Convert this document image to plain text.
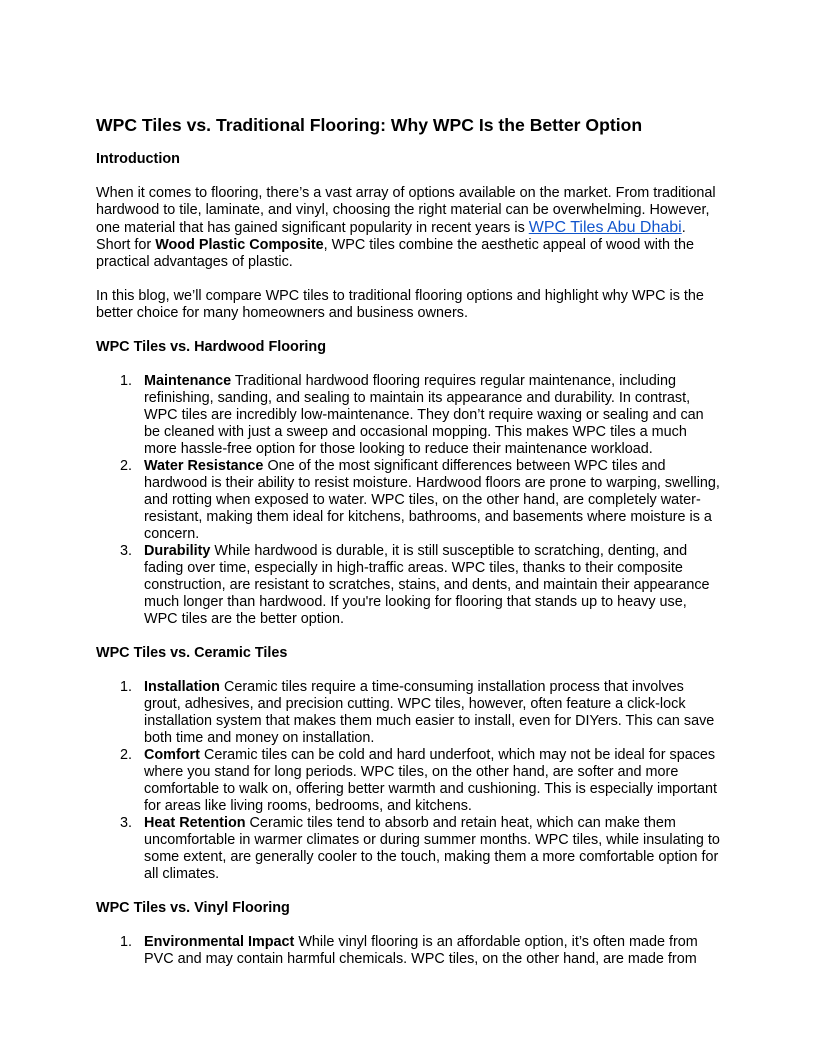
WPC Tiles vs. Traditional Flooring: Why WPC Is the Better Option
Introduction

When it comes to flooring, there’s a vast array of options available on the market. From traditional hardwood to tile, laminate, and vinyl, choosing the right material can be overwhelming. However, one material that has gained significant popularity in recent years is WPC Tiles Abu Dhabi. Short for Wood Plastic Composite, WPC tiles combine the aesthetic appeal of wood with the practical advantages of plastic.

In this blog, we’ll compare WPC tiles to traditional flooring options and highlight why WPC is the better choice for many homeowners and business owners.

WPC Tiles vs. Hardwood Flooring
1. Maintenance Traditional hardwood flooring requires regular maintenance, including refinishing, sanding, and sealing to maintain its appearance and durability. In contrast, WPC tiles are incredibly low-maintenance. They don’t require waxing or sealing and can be cleaned with just a sweep and occasional mopping. This makes WPC tiles a much more hassle-free option for those looking to reduce their maintenance workload.
2. Water Resistance One of the most significant differences between WPC tiles and hardwood is their ability to resist moisture. Hardwood floors are prone to warping, swelling, and rotting when exposed to water. WPC tiles, on the other hand, are completely water-resistant, making them ideal for kitchens, bathrooms, and basements where moisture is a concern.
3. Durability While hardwood is durable, it is still susceptible to scratching, denting, and fading over time, especially in high-traffic areas. WPC tiles, thanks to their composite construction, are resistant to scratches, stains, and dents, and maintain their appearance much longer than hardwood. If you're looking for flooring that stands up to heavy use, WPC tiles are the better option.
WPC Tiles vs. Ceramic Tiles
1. Installation Ceramic tiles require a time-consuming installation process that involves grout, adhesives, and precision cutting. WPC tiles, however, often feature a click-lock installation system that makes them much easier to install, even for DIYers. This can save both time and money on installation.
2. Comfort Ceramic tiles can be cold and hard underfoot, which may not be ideal for spaces where you stand for long periods. WPC tiles, on the other hand, are softer and more comfortable to walk on, offering better warmth and cushioning. This is especially important for areas like living rooms, bedrooms, and kitchens.
3. Heat Retention Ceramic tiles tend to absorb and retain heat, which can make them uncomfortable in warmer climates or during summer months. WPC tiles, while insulating to some extent, are generally cooler to the touch, making them a more comfortable option for all climates.
WPC Tiles vs. Vinyl Flooring
1. Environmental Impact While vinyl flooring is an affordable option, it’s often made from PVC and may contain harmful chemicals. WPC tiles, on the other hand, are made from
